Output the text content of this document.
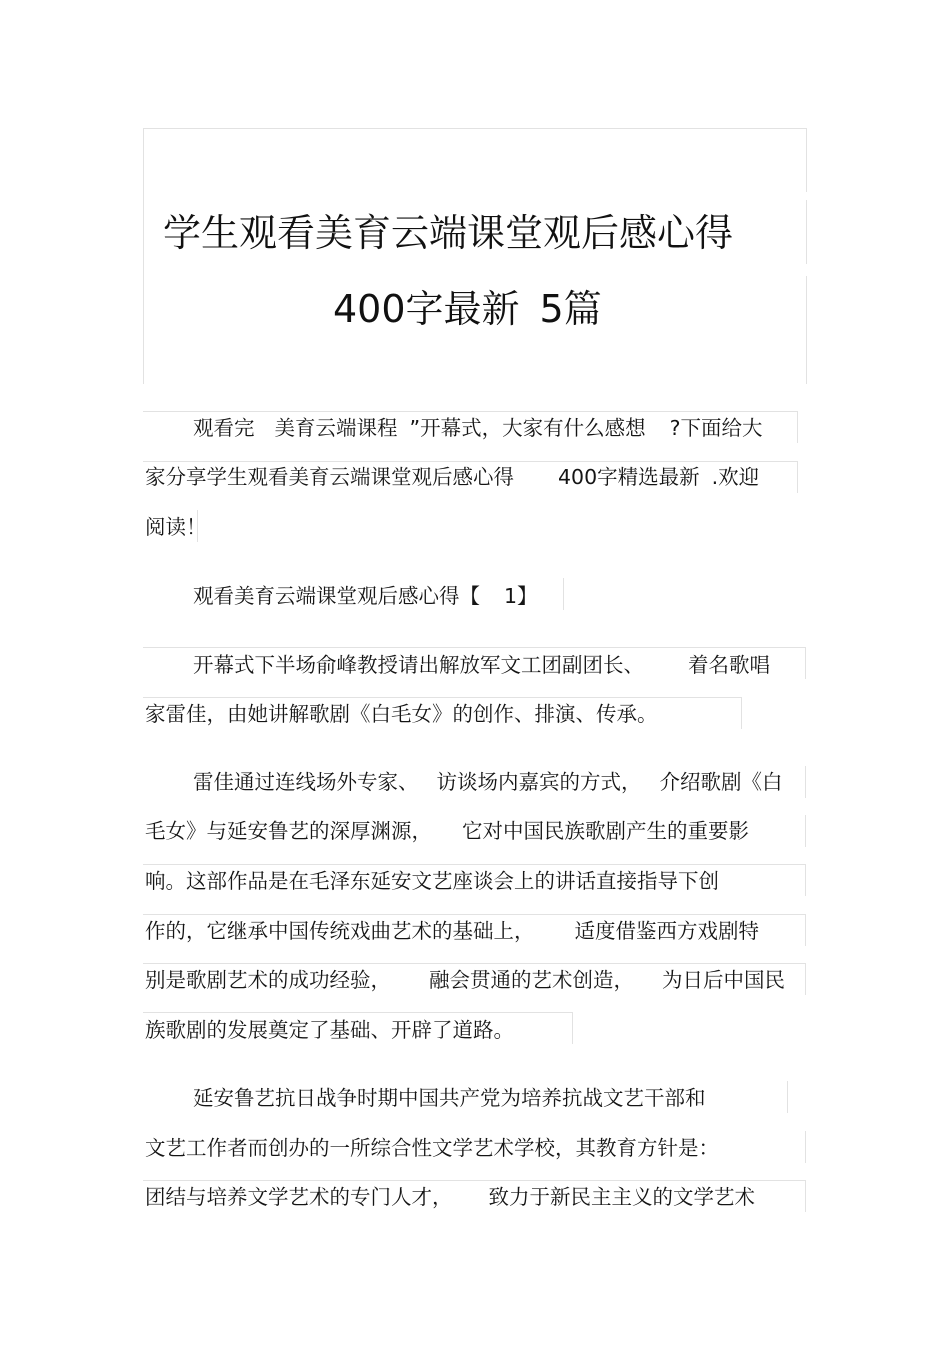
学生观看美育云端课堂观后感心得
400字最新 5篇
观看完 美育云端课程 ”开幕式，大家有什么感想 ?下面给大
家分享学生观看美育云端课堂观后感心得 400字精选最新 .欢迎
阅读！
观看美育云端课堂观后感心得【 1】
开幕式下半场俞峰教授请出解放军文工团副团长、 着名歌唱
家雷佳，由她讲解歌剧《白毛女》的创作、排演、传承。
雷佳通过连线场外专家、 访谈场内嘉宾的方式， 介绍歌剧《白
毛女》与延安鲁艺的深厚渊源， 它对中国民族歌剧产生的重要影
响。这部作品是在毛泽东延安文艺座谈会上的讲话直接指导下创
作的，它继承中国传统戏曲艺术的基础上， 适度借鉴西方戏剧特
别是歌剧艺术的成功经验， 融会贯通的艺术创造， 为日后中国民
族歌剧的发展奠定了基础、开辟了道路。
延安鲁艺抗日战争时期中国共产党为培养抗战文艺干部和
文艺工作者而创办的一所综合性文学艺术学校，其教育方针是：
团结与培养文学艺术的专门人才， 致力于新民主主义的文学艺术
